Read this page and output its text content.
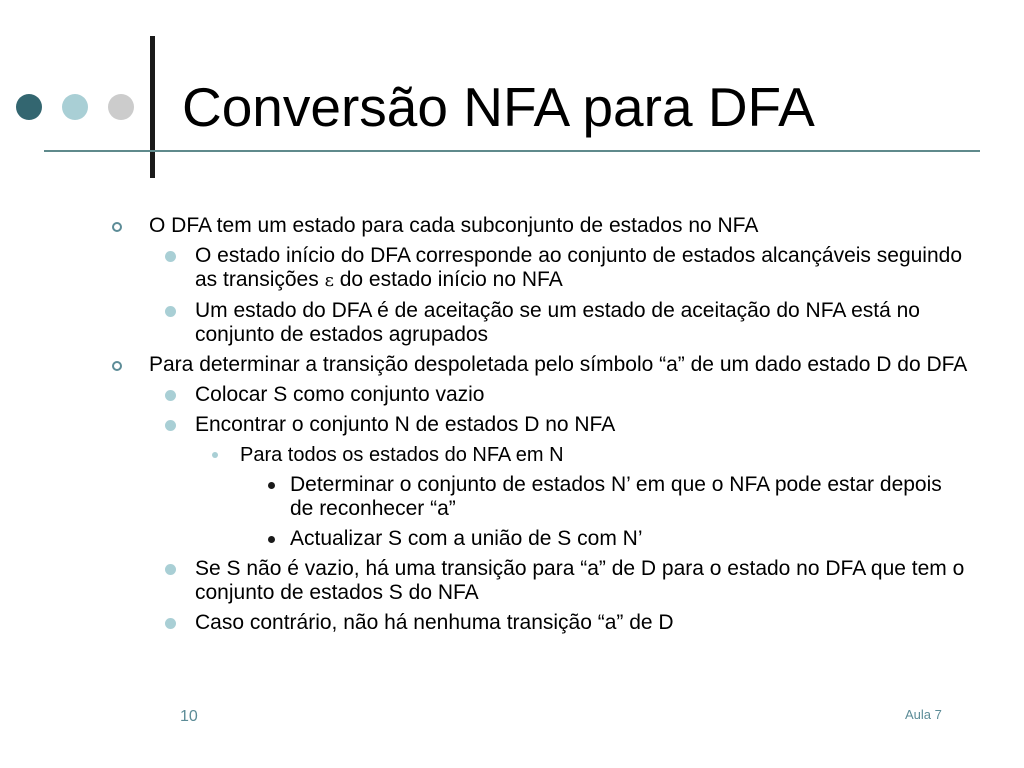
Conversão NFA para DFA
O DFA tem um estado para cada subconjunto de estados no NFA
O estado início do DFA corresponde ao conjunto de estados alcançáveis seguindo as transições ε do estado início no NFA
Um estado do DFA é de aceitação se um estado de aceitação do NFA está no conjunto de estados agrupados
Para determinar a transição despoletada pelo símbolo “a” de um dado estado D do DFA
Colocar S como conjunto vazio
Encontrar o conjunto N de estados D no NFA
Para todos os estados do NFA em N
Determinar o conjunto de estados N’ em que o NFA pode estar depois de reconhecer “a”
Actualizar S com a união de S com N’
Se S não é vazio, há uma transição para “a” de D para o estado no DFA que tem o conjunto de estados S do NFA
Caso contrário, não há nenhuma transição “a” de D
10	Aula 7
